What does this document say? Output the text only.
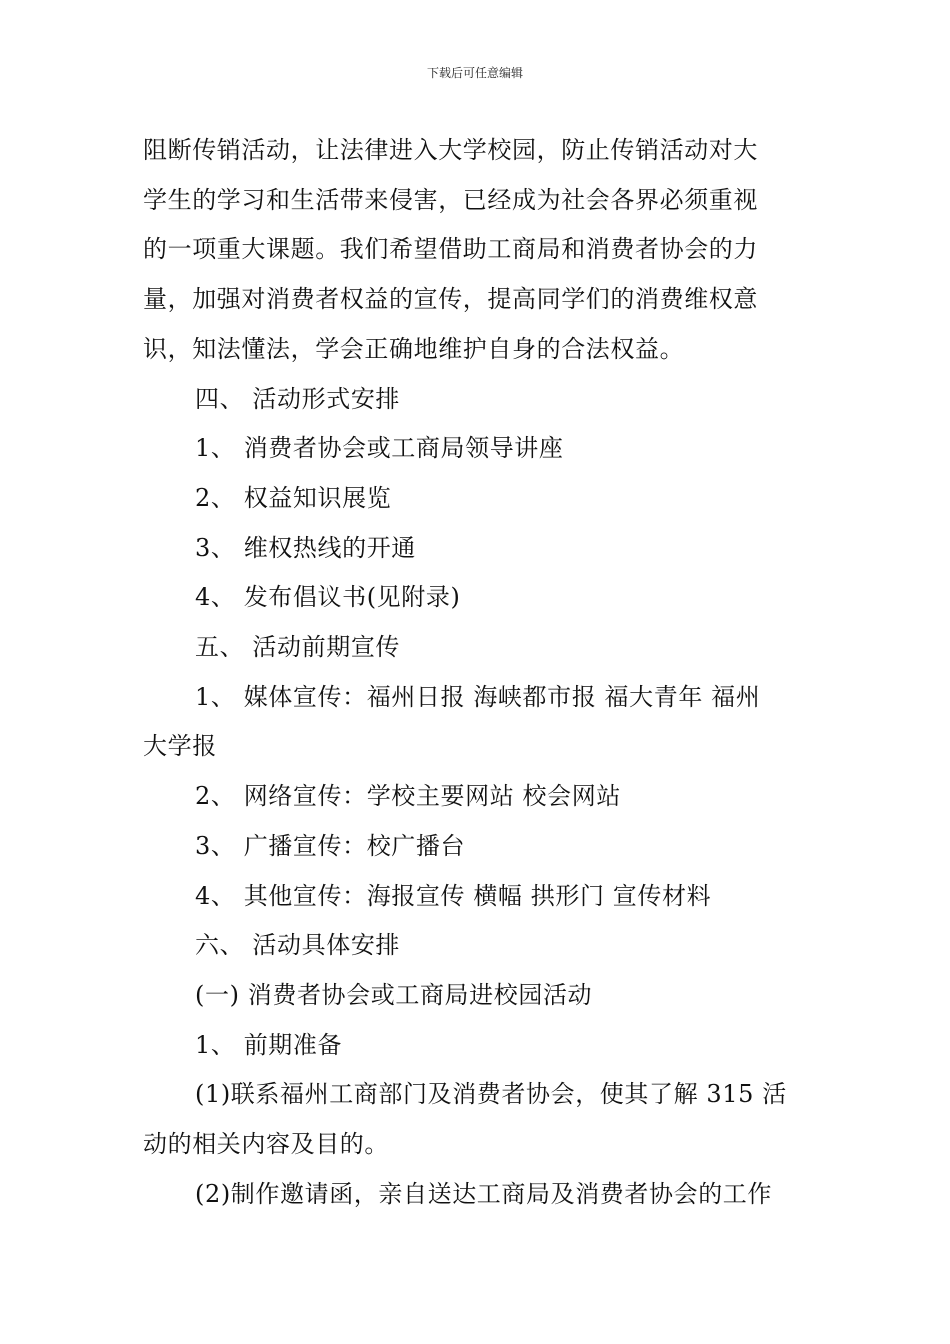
下载后可任意编辑

阻断传销活动，让法律进入大学校园，防止传销活动对大
学生的学习和生活带来侵害，已经成为社会各界必须重视
的一项重大课题。我们希望借助工商局和消费者协会的力
量，加强对消费者权益的宣传，提高同学们的消费维权意
识，知法懂法，学会正确地维护自身的合法权益。

四、 活动形式安排

1、 消费者协会或工商局领导讲座

2、 权益知识展览

3、 维权热线的开通

4、 发布倡议书(见附录)

五、 活动前期宣传

1、 媒体宣传：福州日报 海峡都市报 福大青年 福州
大学报

2、 网络宣传：学校主要网站 校会网站

3、 广播宣传：校广播台

4、 其他宣传：海报宣传 横幅 拱形门 宣传材料

六、 活动具体安排

(一) 消费者协会或工商局进校园活动

1、 前期准备

(1)联系福州工商部门及消费者协会，使其了解 315 活
动的相关内容及目的。

(2)制作邀请函，亲自送达工商局及消费者协会的工作
